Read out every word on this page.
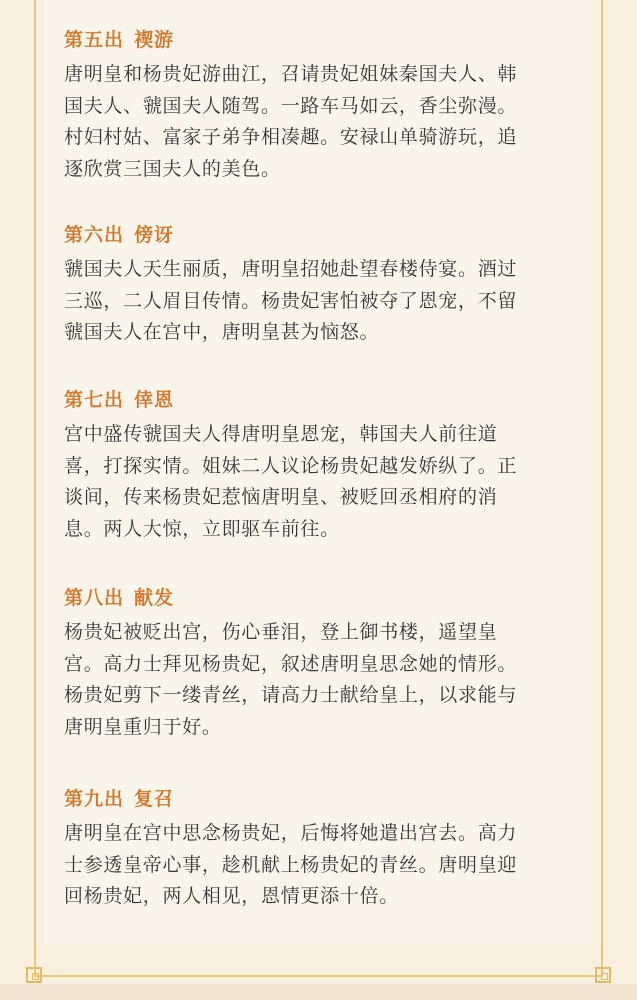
第五出 禊游
唐明皇和杨贵妃游曲江，召请贵妃姐妹秦国夫人、韩
国夫人、虢国夫人随驾。一路车马如云，香尘弥漫。
村妇村姑、富家子弟争相凑趣。安禄山单骑游玩，追
逐欣赏三国夫人的美色。
第六出 傍讶
虢国夫人天生丽质，唐明皇招她赴望春楼侍宴。酒过
三巡，二人眉目传情。杨贵妃害怕被夺了恩宠，不留
虢国夫人在宫中，唐明皇甚为恼怒。
第七出 倖恩
宫中盛传虢国夫人得唐明皇恩宠，韩国夫人前往道
喜，打探实情。姐妹二人议论杨贵妃越发娇纵了。正
谈间，传来杨贵妃惹恼唐明皇、被贬回丞相府的消
息。两人大惊，立即驱车前往。
第八出 献发
杨贵妃被贬出宫，伤心垂泪，登上御书楼，遥望皇
宫。高力士拜见杨贵妃，叙述唐明皇思念她的情形。
杨贵妃剪下一缕青丝，请高力士献给皇上，以求能与
唐明皇重归于好。
第九出 复召
唐明皇在宫中思念杨贵妃，后悔将她遣出宫去。高力
士参透皇帝心事，趁机献上杨贵妃的青丝。唐明皇迎
回杨贵妃，两人相见，恩情更添十倍。
